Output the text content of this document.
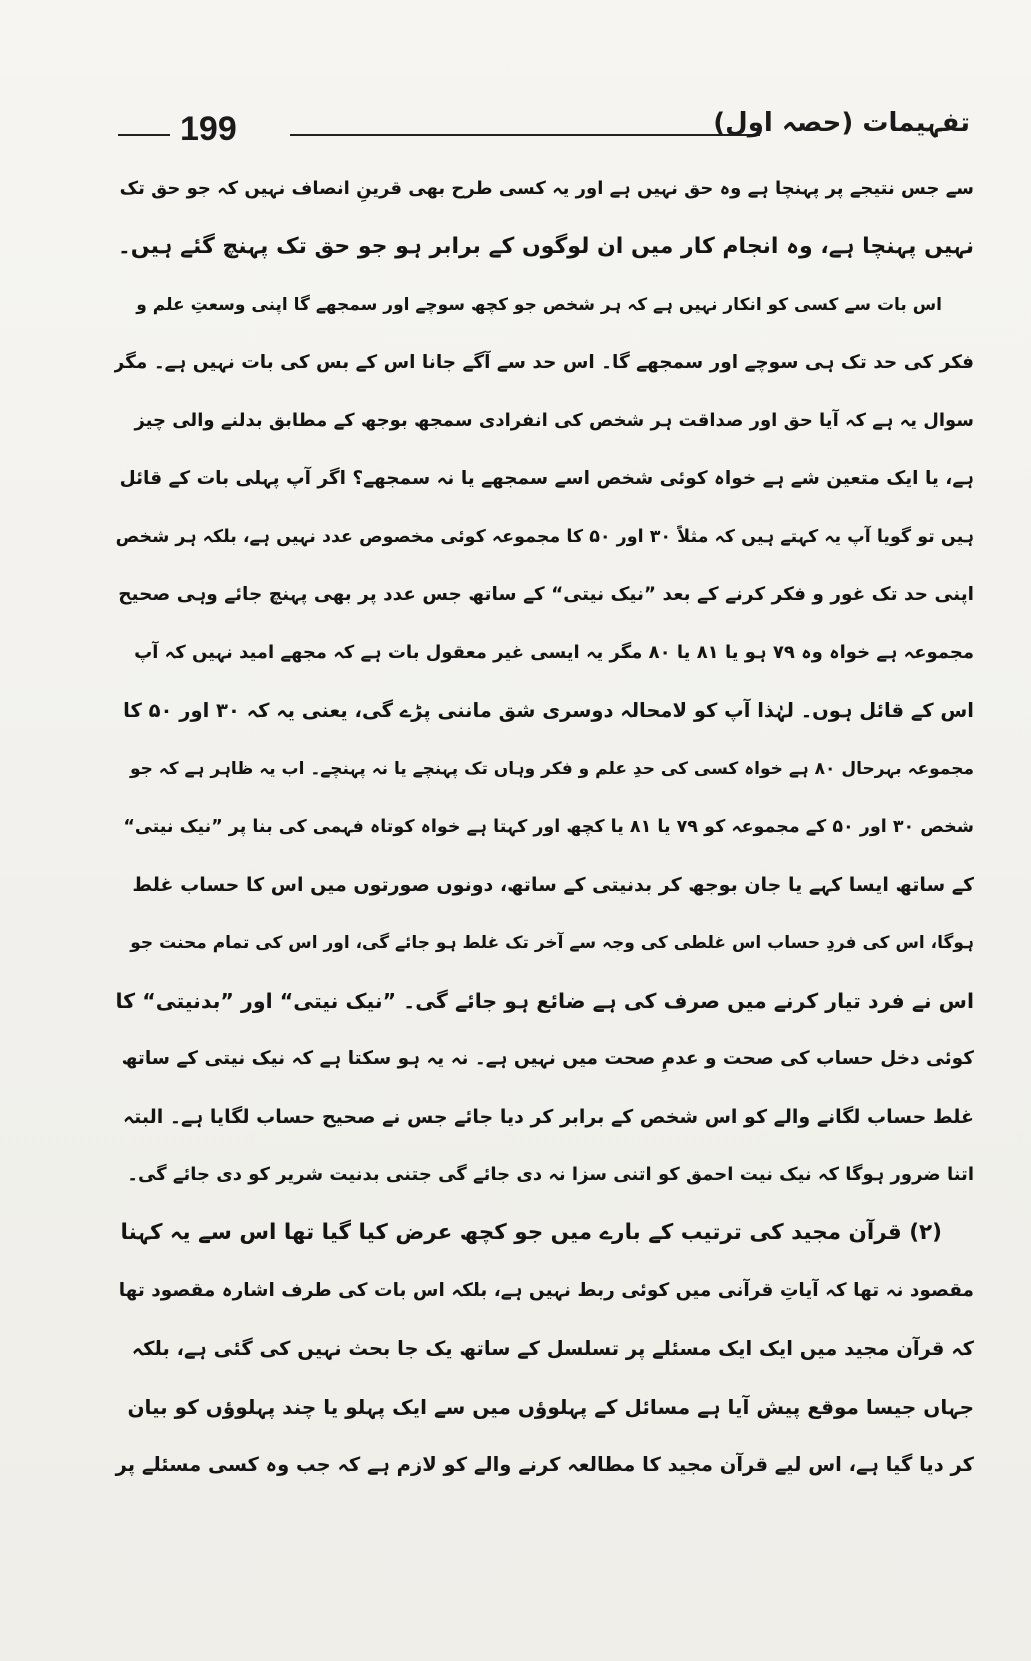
199	تفہیمات (حصہ اول)
سے جس نتیجے پر پہنچا ہے وہ حق نہیں ہے اور یہ کسی طرح بھی قرینِ انصاف نہیں کہ جو حق تک
نہیں پہنچا ہے، وہ انجام کار میں ان لوگوں کے برابر ہو جو حق تک پہنچ گئے ہیں۔
اس بات سے کسی کو انکار نہیں ہے کہ ہر شخص جو کچھ سوچے اور سمجھے گا اپنی وسعتِ علم و
فکر کی حد تک ہی سوچے اور سمجھے گا۔ اس حد سے آگے جانا اس کے بس کی بات نہیں ہے۔ مگر
سوال یہ ہے کہ آیا حق اور صداقت ہر شخص کی انفرادی سمجھ بوجھ کے مطابق بدلنے والی چیز
ہے، یا ایک متعین شے ہے خواہ کوئی شخص اسے سمجھے یا نہ سمجھے؟ اگر آپ پہلی بات کے قائل
ہیں تو گویا آپ یہ کہتے ہیں کہ مثلاً ۳۰ اور ۵۰ کا مجموعہ کوئی مخصوص عدد نہیں ہے، بلکہ ہر شخص
اپنی حد تک غور و فکر کرنے کے بعد ”نیک نیتی“ کے ساتھ جس عدد پر بھی پہنچ جائے وہی صحیح
مجموعہ ہے خواہ وہ ۷۹ ہو یا ۸۱ یا ۸۰ مگر یہ ایسی غیر معقول بات ہے کہ مجھے امید نہیں کہ آپ
اس کے قائل ہوں۔ لہٰذا آپ کو لامحالہ دوسری شق ماننی پڑے گی، یعنی یہ کہ ۳۰ اور ۵۰ کا
مجموعہ بہرحال ۸۰ ہے خواہ کسی کی حدِ علم و فکر وہاں تک پہنچے یا نہ پہنچے۔ اب یہ ظاہر ہے کہ جو
شخص ۳۰ اور ۵۰ کے مجموعہ کو ۷۹ یا ۸۱ یا کچھ اور کہتا ہے خواہ کوتاہ فہمی کی بنا پر ”نیک نیتی“
کے ساتھ ایسا کہے یا جان بوجھ کر بدنیتی کے ساتھ، دونوں صورتوں میں اس کا حساب غلط
ہوگا، اس کی فردِ حساب اس غلطی کی وجہ سے آخر تک غلط ہو جائے گی، اور اس کی تمام محنت جو
اس نے فرد تیار کرنے میں صرف کی ہے ضائع ہو جائے گی۔ ”نیک نیتی“ اور ”بدنیتی“ کا
کوئی دخل حساب کی صحت و عدمِ صحت میں نہیں ہے۔ نہ یہ ہو سکتا ہے کہ نیک نیتی کے ساتھ
غلط حساب لگانے والے کو اس شخص کے برابر کر دیا جائے جس نے صحیح حساب لگایا ہے۔ البتہ
اتنا ضرور ہوگا کہ نیک نیت احمق کو اتنی سزا نہ دی جائے گی جتنی بدنیت شریر کو دی جائے گی۔
(۲) قرآن مجید کی ترتیب کے بارے میں جو کچھ عرض کیا گیا تھا اس سے یہ کہنا
مقصود نہ تھا کہ آیاتِ قرآنی میں کوئی ربط نہیں ہے، بلکہ اس بات کی طرف اشارہ مقصود تھا
کہ قرآن مجید میں ایک ایک مسئلے پر تسلسل کے ساتھ یک جا بحث نہیں کی گئی ہے، بلکہ
جہاں جیسا موقع پیش آیا ہے مسائل کے پہلوؤں میں سے ایک پہلو یا چند پہلوؤں کو بیان
کر دیا گیا ہے، اس لیے قرآن مجید کا مطالعہ کرنے والے کو لازم ہے کہ جب وہ کسی مسئلے پر
